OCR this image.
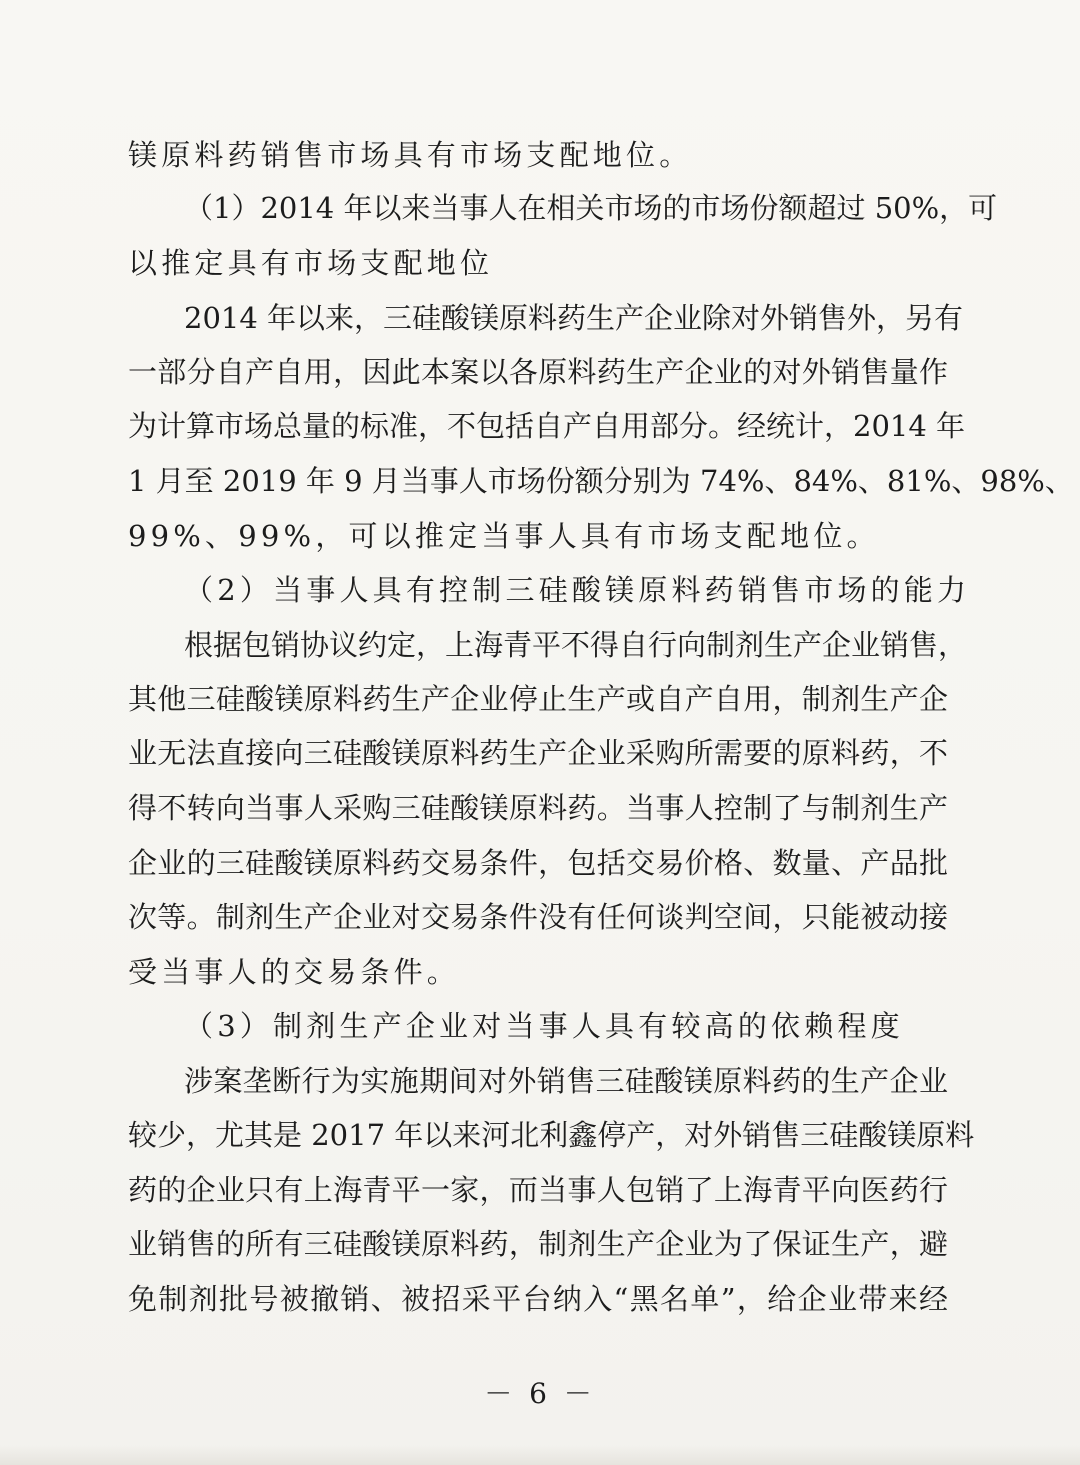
镁原料药销售市场具有市场支配地位。
（1）2014 年以来当事人在相关市场的市场份额超过 50%，可
以推定具有市场支配地位
2014 年以来，三硅酸镁原料药生产企业除对外销售外，另有
一部分自产自用，因此本案以各原料药生产企业的对外销售量作
为计算市场总量的标准，不包括自产自用部分。经统计，2014 年
1 月至 2019 年 9 月当事人市场份额分别为 74%、84%、81%、98%、
99%、99%，可以推定当事人具有市场支配地位。
（2）当事人具有控制三硅酸镁原料药销售市场的能力
根据包销协议约定，上海青平不得自行向制剂生产企业销售，
其他三硅酸镁原料药生产企业停止生产或自产自用，制剂生产企
业无法直接向三硅酸镁原料药生产企业采购所需要的原料药，不
得不转向当事人采购三硅酸镁原料药。当事人控制了与制剂生产
企业的三硅酸镁原料药交易条件，包括交易价格、数量、产品批
次等。制剂生产企业对交易条件没有任何谈判空间，只能被动接
受当事人的交易条件。
（3）制剂生产企业对当事人具有较高的依赖程度
涉案垄断行为实施期间对外销售三硅酸镁原料药的生产企业
较少，尤其是 2017 年以来河北利鑫停产，对外销售三硅酸镁原料
药的企业只有上海青平一家，而当事人包销了上海青平向医药行
业销售的所有三硅酸镁原料药，制剂生产企业为了保证生产，避
免制剂批号被撤销、被招采平台纳入“黑名单”，给企业带来经
－ 6 －
